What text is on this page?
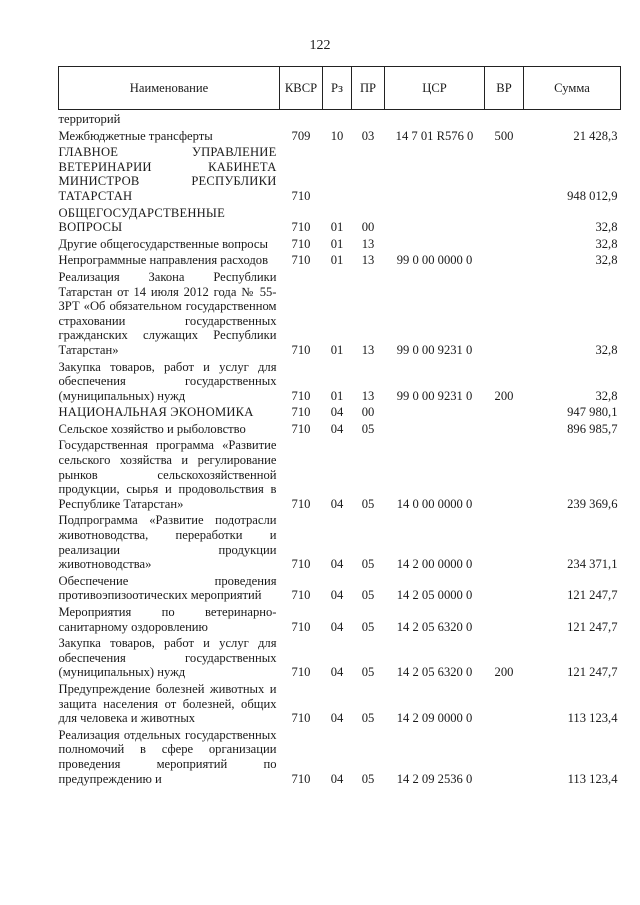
122
Наименование	КВСР	Рз	ПР	ЦСР	ВР	Сумма
территорий						
Межбюджетные трансферты	709	10	03	14 7 01 R576 0	500	21 428,3
ГЛАВНОЕ УПРАВЛЕНИЕ ВЕТЕРИНАРИИ КАБИНЕТА МИНИСТРОВ РЕСПУБЛИКИ ТАТАРСТАН	710					948 012,9
ОБЩЕГОСУДАРСТВЕННЫЕ ВОПРОСЫ	710	01	00			32,8
Другие общегосударственные вопросы	710	01	13			32,8
Непрограммные направления расходов	710	01	13	99 0 00 0000 0		32,8
Реализация Закона Республики Татарстан от 14 июля 2012 года № 55-ЗРТ «Об обязательном государственном страховании государственных гражданских служащих Республики Татарстан»	710	01	13	99 0 00 9231 0		32,8
Закупка товаров, работ и услуг для обеспечения государственных (муниципальных) нужд	710	01	13	99 0 00 9231 0	200	32,8
НАЦИОНАЛЬНАЯ ЭКОНОМИКА	710	04	00			947 980,1
Сельское хозяйство и рыболовство	710	04	05			896 985,7
Государственная программа «Развитие сельского хозяйства и регулирование рынков сельскохозяйственной продукции, сырья и продовольствия в Республике Татарстан»	710	04	05	14 0 00 0000 0		239 369,6
Подпрограмма «Развитие подотрасли животноводства, переработки и реализации продукции животноводства»	710	04	05	14 2 00 0000 0		234 371,1
Обеспечение проведения противоэпизоотических мероприятий	710	04	05	14 2 05 0000 0		121 247,7
Мероприятия по ветеринарно-санитарному оздоровлению	710	04	05	14 2 05 6320 0		121 247,7
Закупка товаров, работ и услуг для обеспечения государственных (муниципальных) нужд	710	04	05	14 2 05 6320 0	200	121 247,7
Предупреждение болезней животных и защита населения от болезней, общих для человека и животных	710	04	05	14 2 09 0000 0		113 123,4
Реализация отдельных государственных полномочий в сфере организации проведения мероприятий по предупреждению и	710	04	05	14 2 09 2536 0		113 123,4
